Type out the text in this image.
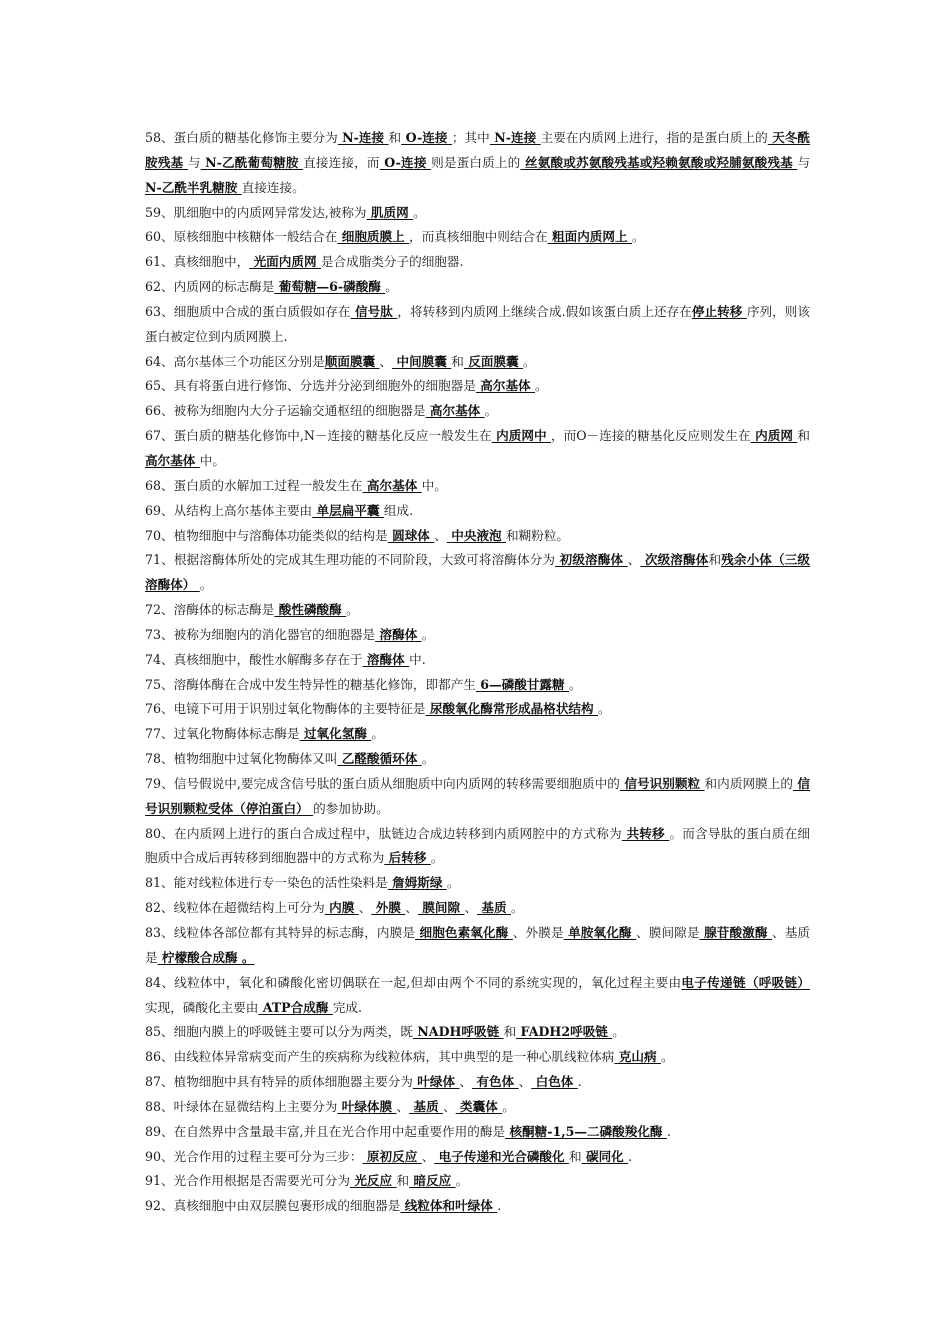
58、蛋白质的糖基化修饰主要分为 N-连接 和 O-连接 ；其中 N-连接 主要在内质网上进行，指的是蛋白质上的 天冬酰胺残基 与 N-乙酰葡萄糖胺 直接连接，而 O-连接 则是蛋白质上的 丝氨酸或苏氨酸残基或羟赖氨酸或羟脯氨酸残基 与 N-乙酰半乳糖胺 直接连接。

59、肌细胞中的内质网异常发达,被称为 肌质网 。

60、原核细胞中核糖体一般结合在 细胞质膜上 ，而真核细胞中则结合在 粗面内质网上 。

61、真核细胞中， 光面内质网 是合成脂类分子的细胞器.

62、内质网的标志酶是 葡萄糖—6-磷酸酶 。

63、细胞质中合成的蛋白质假如存在 信号肽 ，将转移到内质网上继续合成.假如该蛋白质上还存在停止转移 序列，则该蛋白被定位到内质网膜上.

64、高尔基体三个功能区分别是顺面膜囊 、 中间膜囊 和 反面膜囊 。

65、具有将蛋白进行修饰、分选并分泌到细胞外的细胞器是 高尔基体 。

66、被称为细胞内大分子运输交通枢纽的细胞器是 高尔基体 。

67、蛋白质的糖基化修饰中,N－连接的糖基化反应一般发生在 内质网中 ，而O－连接的糖基化反应则发生在 内质网 和 高尔基体 中。

68、蛋白质的水解加工过程一般发生在 高尔基体 中。

69、从结构上高尔基体主要由 单层扁平囊 组成.

70、植物细胞中与溶酶体功能类似的结构是 圆球体 、 中央液泡 和糊粉粒。

71、根据溶酶体所处的完成其生理功能的不同阶段，大致可将溶酶体分为 初级溶酶体 、 次级溶酶体和残余小体（三级溶酶体） 。

72、溶酶体的标志酶是 酸性磷酸酶 。

73、被称为细胞内的消化器官的细胞器是 溶酶体 。

74、真核细胞中，酸性水解酶多存在于 溶酶体 中.

75、溶酶体酶在合成中发生特异性的糖基化修饰，即都产生 6—磷酸甘露糖 。

76、电镜下可用于识别过氧化物酶体的主要特征是 尿酸氧化酶常形成晶格状结构 。

77、过氧化物酶体标志酶是 过氧化氢酶 。

78、植物细胞中过氧化物酶体又叫 乙醛酸循环体 。

79、信号假说中,要完成含信号肽的蛋白质从细胞质中向内质网的转移需要细胞质中的 信号识别颗粒 和内质网膜上的 信号识别颗粒受体（停泊蛋白） 的参加协助。

80、在内质网上进行的蛋白合成过程中，肽链边合成边转移到内质网腔中的方式称为 共转移 。而含导肽的蛋白质在细胞质中合成后再转移到细胞器中的方式称为 后转移 。

81、能对线粒体进行专一染色的活性染料是 詹姆斯绿 。

82、线粒体在超微结构上可分为 内膜 、 外膜 、 膜间隙 、 基质 。

83、线粒体各部位都有其特异的标志酶，内膜是 细胞色素氧化酶 、外膜是 单胺氧化酶 、膜间隙是 腺苷酸激酶 、基质是 柠檬酸合成酶 。

84、线粒体中，氧化和磷酸化密切偶联在一起,但却由两个不同的系统实现的，氧化过程主要由电子传递链（呼吸链） 实现，磷酸化主要由 ATP合成酶 完成.

85、细胞内膜上的呼吸链主要可以分为两类，既 NADH呼吸链 和 FADH2呼吸链 。

86、由线粒体异常病变而产生的疾病称为线粒体病，其中典型的是一种心肌线粒体病 克山病 。

87、植物细胞中具有特异的质体细胞器主要分为 叶绿体 、 有色体 、 白色体 .

88、叶绿体在显微结构上主要分为 叶绿体膜 、 基质 、 类囊体 。

89、在自然界中含量最丰富,并且在光合作用中起重要作用的酶是 核酮糖-1,5—二磷酸羧化酶 .

90、光合作用的过程主要可分为三步： 原初反应 、 电子传递和光合磷酸化 和 碳同化 .

91、光合作用根据是否需要光可分为 光反应 和 暗反应 。

92、真核细胞中由双层膜包裹形成的细胞器是 线粒体和叶绿体 .
